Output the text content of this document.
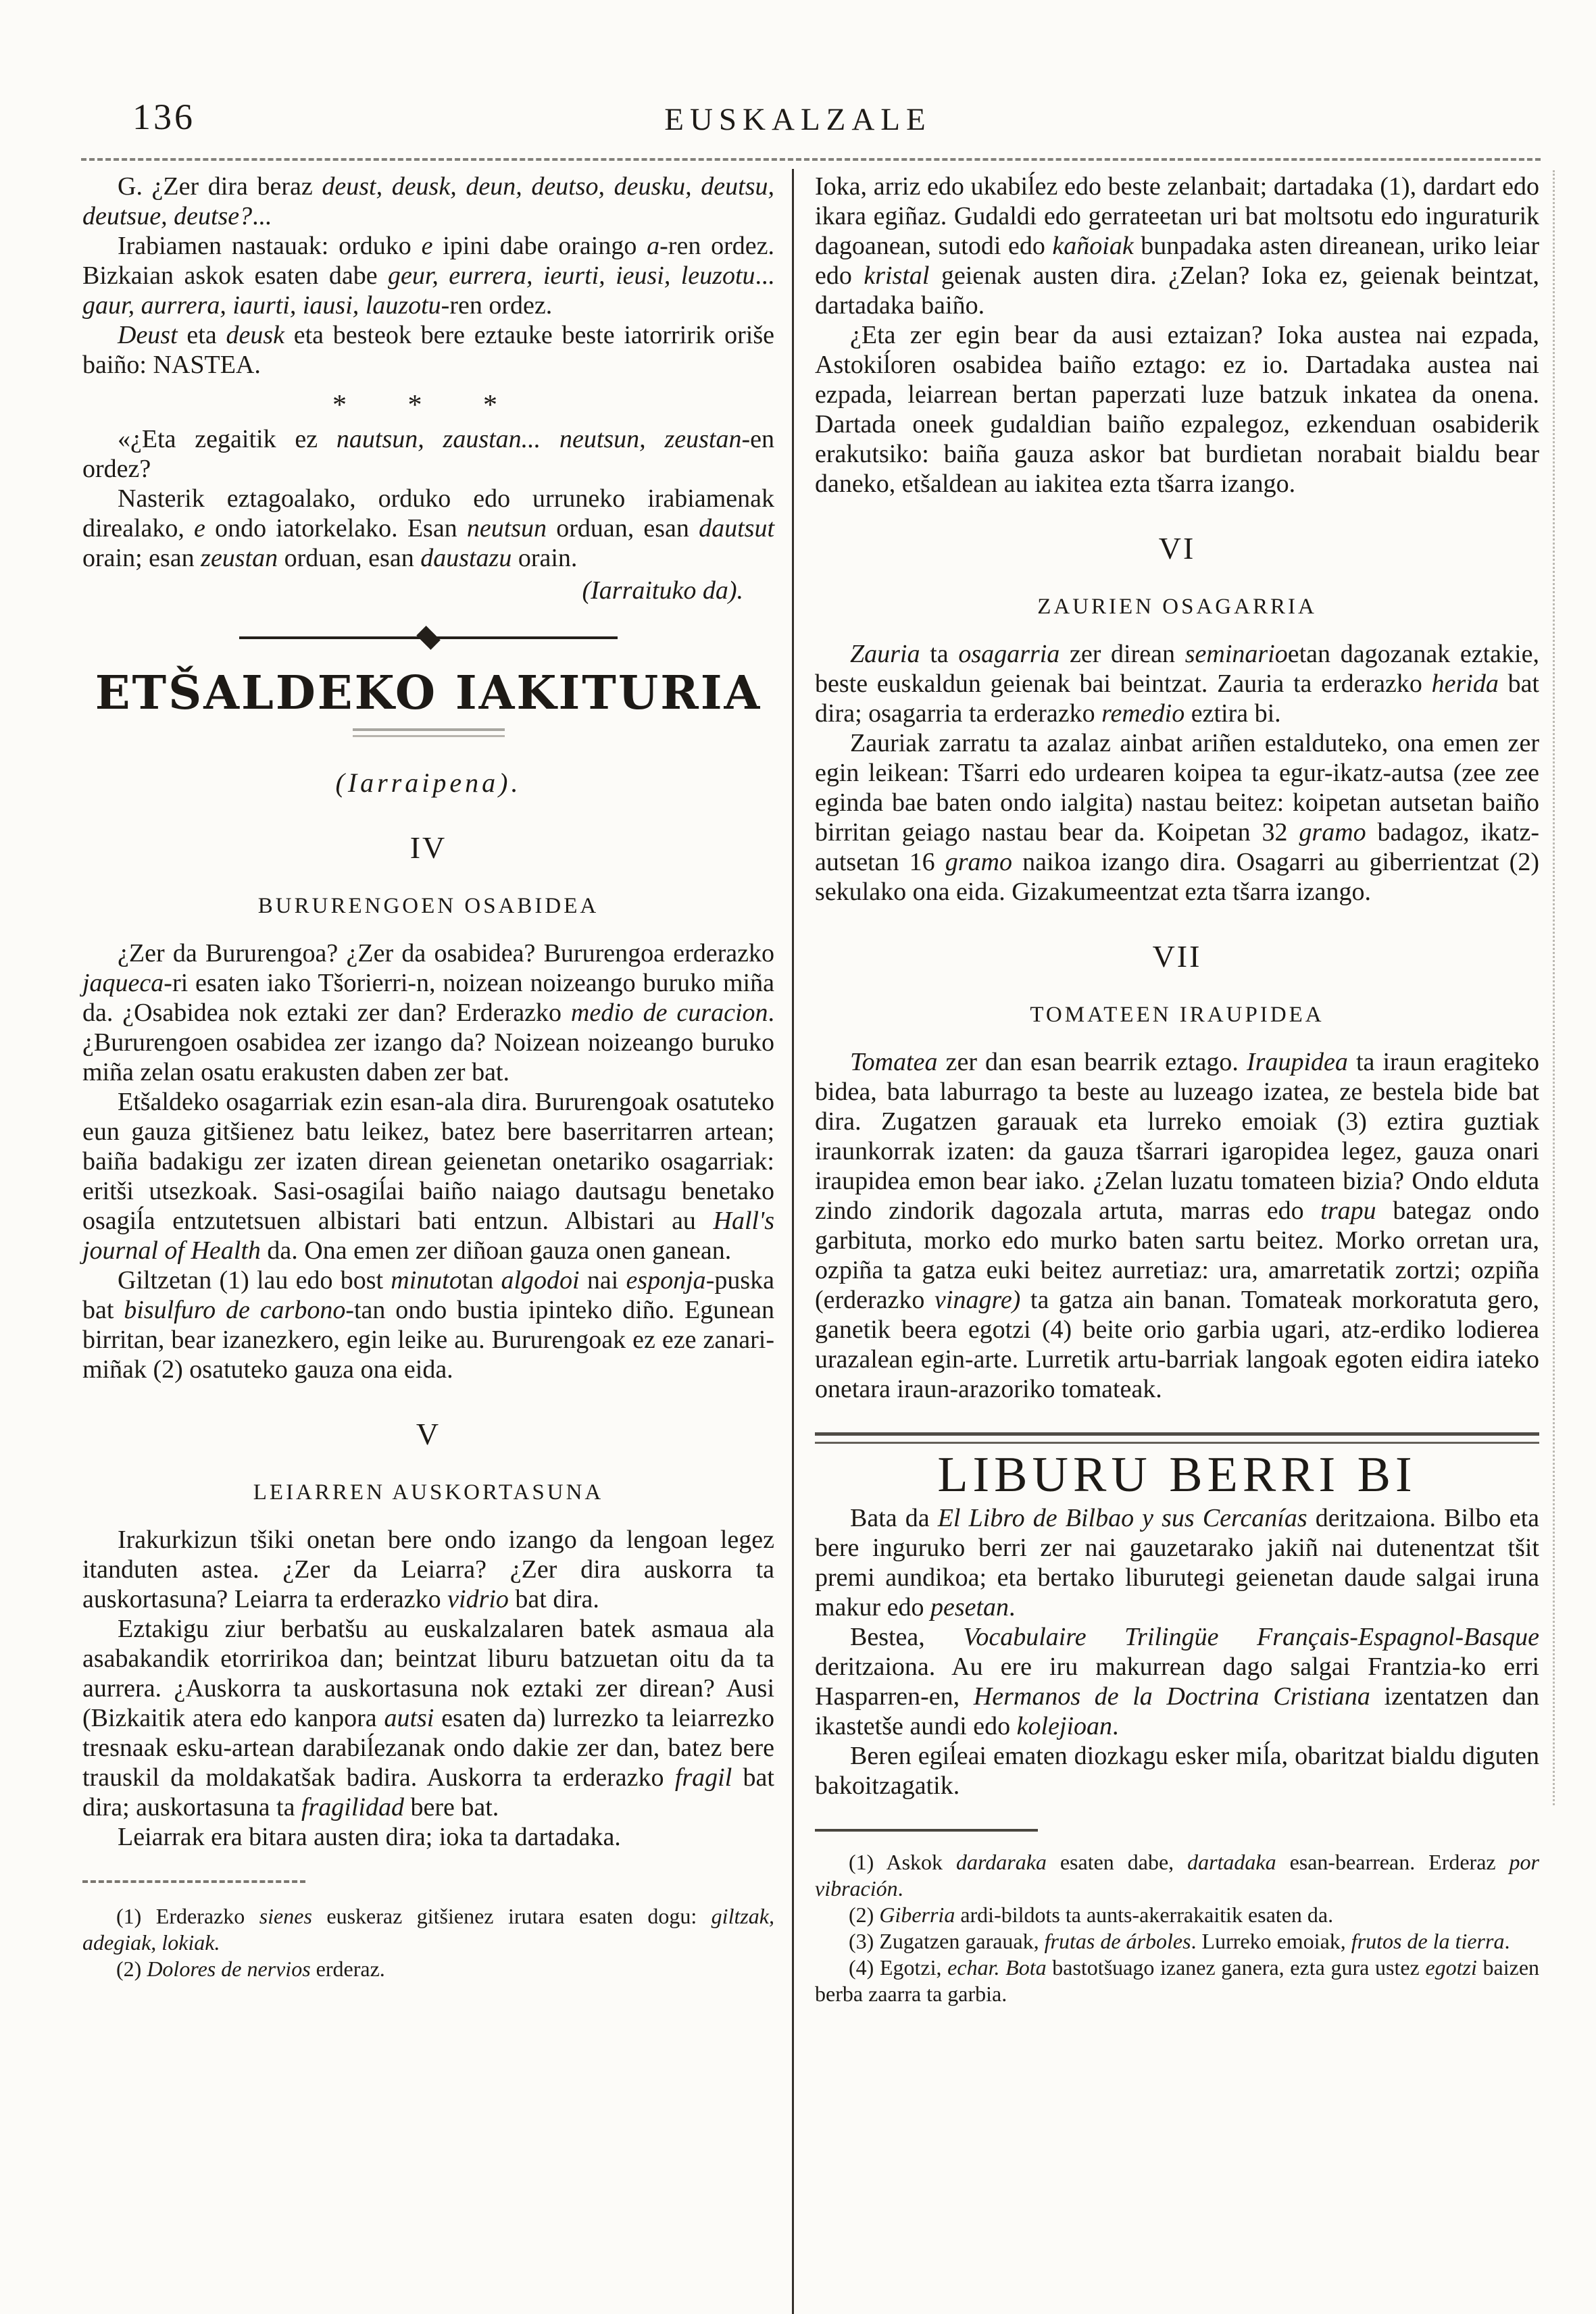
136	EUSKALZALE

G. ¿Zer dira beraz deust, deusk, deun, deutso, deusku, deutsu, deutsue, deutse?...

Irabiamen nastauak: orduko e ipini dabe oraingo a-ren ordez. Bizkaian askok esaten dabe geur, eurrera, ieurti, ieusi, leuzotu... gaur, aurrera, iaurti, iausi, lauzotu-ren ordez.

Deust eta deusk eta besteok bere eztauke beste iatorririk oriše baiño: NASTEA.

* * *

«¿Eta zegaitik ez nautsun, zaustan... neutsun, zeustan-en ordez?

Nasterik eztagoalako, orduko edo urruneko irabiamenak direalako, e ondo iatorkelako. Esan neutsun orduan, esan dautsut orain; esan zeustan orduan, esan daustazu orain.

(Iarraituko da).
ETŠALDEKO IAKITURIA
(Iarraipena).
IV
BURURENGOEN OSABIDEA

¿Zer da Bururengoa? ¿Zer da osabidea? Bururengoa erderazko jaqueca-ri esaten iako Tšorierri-n, noizean noizeango buruko miña da. ¿Osabidea nok eztaki zer dan? Erderazko medio de curacion. ¿Bururengoen osabidea zer izango da? Noizean noizeango buruko miña zelan osatu erakusten daben zer bat.

Etšaldeko osagarriak ezin esan-ala dira. Bururengoak osatuteko eun gauza gitšienez batu leikez, batez bere baserritarren artean; baiña badakigu zer izaten direan geienetan onetariko osagarriak: eritši utsezkoak. Sasi-osagiĺai baiño naiago dautsagu benetako osagiĺa entzutetsuen albistari bati entzun. Albistari au Hall's journal of Health da. Ona emen zer diñoan gauza onen ganean.

Giltzetan (1) lau edo bost minutotan algodoi nai esponja-puska bat bisulfuro de carbono-tan ondo bustia ipinteko diño. Egunean birritan, bear izanezkero, egin leike au. Bururengoak ez eze zanari-miñak (2) osatuteko gauza ona eida.

V
LEIARREN AUSKORTASUNA

Irakurkizun tšiki onetan bere ondo izango da lengoan legez itanduten astea. ¿Zer da Leiarra? ¿Zer dira auskorra ta auskortasuna? Leiarra ta erderazko vidrio bat dira.

Eztakigu ziur berbatšu au euskalzalaren batek asmaua ala asabakandik etorririkoa dan; beintzat liburu batzuetan oitu da ta aurrera. ¿Auskorra ta auskortasuna nok eztaki zer direan? Ausi (Bizkaitik atera edo kanpora autsi esaten da) lurrezko ta leiarrezko tresnaak esku-artean darabiĺezanak ondo dakie zer dan, batez bere trauskil da moldakatšak badira. Auskorra ta erderazko fragil bat dira; auskortasuna ta fragilidad bere bat.

Leiarrak era bitara austen dira; ioka ta dartadaka.

(1) Erderazko sienes euskeraz gitšienez irutara esaten dogu: giltzak, adegiak, lokiak.

(2) Dolores de nervios erderaz.

Ioka, arriz edo ukabiĺez edo beste zelanbait; dartadaka (1), dardart edo ikara egiñaz. Gudaldi edo gerrateetan uri bat moltsotu edo inguraturik dagoanean, sutodi edo kañoiak bunpadaka asten direanean, uriko leiar edo kristal geienak austen dira. ¿Zelan? Ioka ez, geienak beintzat, dartadaka baiño.

¿Eta zer egin bear da ausi eztaizan? Ioka austea nai ezpada, Astokiĺoren osabidea baiño eztago: ez io. Dartadaka austea nai ezpada, leiarrean bertan paperzati luze batzuk inkatea da onena. Dartada oneek gudaldian baiño ezpalegoz, ezkenduan osabiderik erakutsiko: baiña gauza askor bat burdietan norabait bialdu bear daneko, etšaldean au iakitea ezta tšarra izango.

VI
ZAURIEN OSAGARRIA

Zauria ta osagarria zer direan seminarioetan dagozanak eztakie, beste euskaldun geienak bai beintzat. Zauria ta erderazko herida bat dira; osagarria ta erderazko remedio eztira bi.

Zauriak zarratu ta azalaz ainbat ariñen estalduteko, ona emen zer egin leikean: Tšarri edo urdearen koipea ta egur-ikatz-autsa (zee zee eginda bae baten ondo ialgita) nastau beitez: koipetan autsetan baiño birritan geiago nastau bear da. Koipetan 32 gramo badagoz, ikatz-autsetan 16 gramo naikoa izango dira. Osagarri au giberrientzat (2) sekulako ona eida. Gizakumeentzat ezta tšarra izango.

VII
TOMATEEN IRAUPIDEA

Tomatea zer dan esan bearrik eztago. Iraupidea ta iraun eragiteko bidea, bata laburrago ta beste au luzeago izatea, ze bestela bide bat dira. Zugatzen garauak eta lurreko emoiak (3) eztira guztiak iraunkorrak izaten: da gauza tšarrari igaropidea legez, gauza onari iraupidea emon bear iako. ¿Zelan luzatu tomateen bizia? Ondo elduta zindo zindorik dagozala artuta, marras edo trapu bategaz ondo garbituta, morko edo murko baten sartu beitez. Morko orretan ura, ozpiña ta gatza euki beitez aurretiaz: ura, amarretatik zortzi; ozpiña (erderazko vinagre) ta gatza ain banan. Tomateak morkoratuta gero, ganetik beera egotzi (4) beite orio garbia ugari, atz-erdiko lodierea urazalean egin-arte. Lurretik artu-barriak langoak egoten eidira iateko onetara iraun-arazoriko tomateak.

LIBURU BERRI BI

Bata da El Libro de Bilbao y sus Cercanías deritzaiona. Bilbo eta bere inguruko berri zer nai gauzetarako jakiñ nai dutenentzat tšit premi aundikoa; eta bertako liburutegi geienetan daude salgai iruna makur edo pesetan.

Bestea, Vocabulaire Trilingüe Français-Espagnol-Basque deritzaiona. Au ere iru makurrean dago salgai Frantzia-ko erri Hasparren-en, Hermanos de la Doctrina Cristiana izentatzen dan ikastetše aundi edo kolejioan.

Beren egiĺeai ematen diozkagu esker miĺa, obaritzat bialdu diguten bakoitzagatik.

(1) Askok dardaraka esaten dabe, dartadaka esan-bearrean. Erderaz por vibración.

(2) Giberria ardi-bildots ta aunts-akerrakaitik esaten da.

(3) Zugatzen garauak, frutas de árboles. Lurreko emoiak, frutos de la tierra.

(4) Egotzi, echar. Bota bastotšuago izanez ganera, ezta gura ustez egotzi baizen berba zaarra ta garbia.
